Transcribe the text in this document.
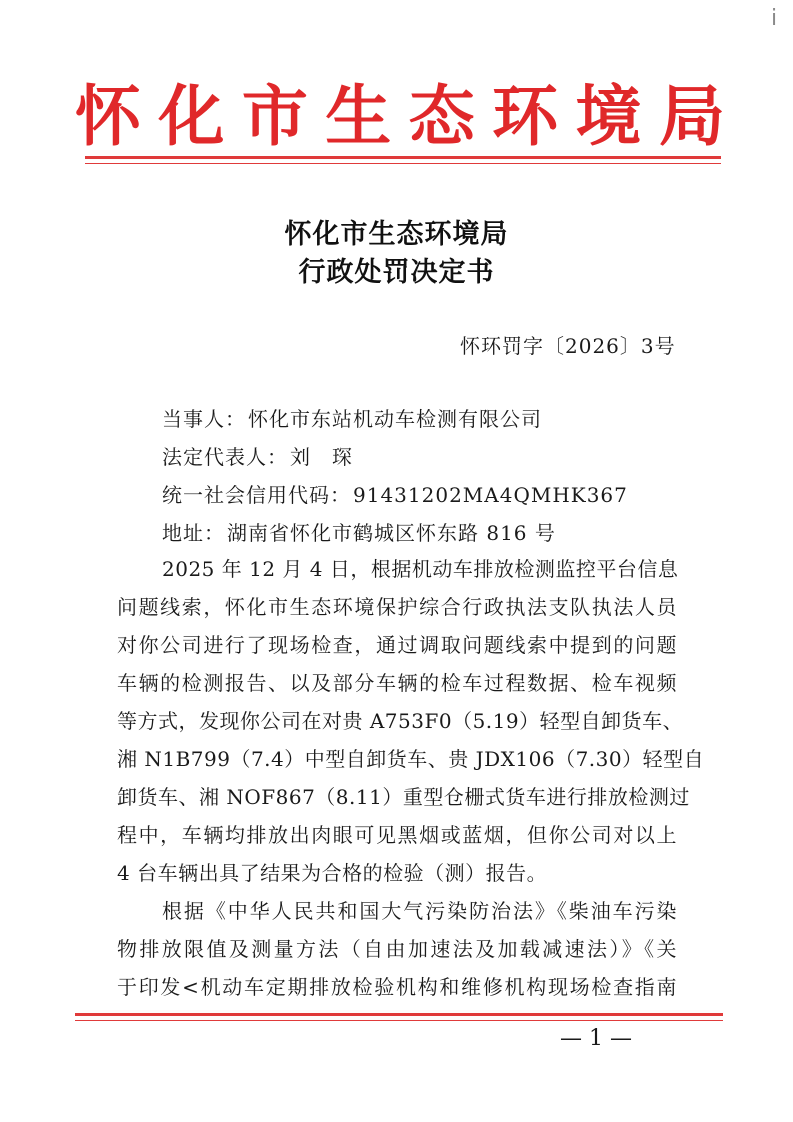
i
怀 化 市 生 态 环 境 局
怀化市生态环境局
行政处罚决定书
怀环罚字〔2026〕3号
当事人： 怀化市东站机动车检测有限公司
法定代表人： 刘　琛
统一社会信用代码： 91431202MA4QMHK367
地址： 湖南省怀化市鹤城区怀东路 816 号
2025 年 12 月 4 日，根据机动车排放检测监控平台信息
问题线索，怀化市生态环境保护综合行政执法支队执法人员
对你公司进行了现场检查，通过调取问题线索中提到的问题
车辆的检测报告、以及部分车辆的检车过程数据、检车视频
等方式，发现你公司在对贵 A753F0（5.19）轻型自卸货车、
湘 N1B799（7.4）中型自卸货车、贵 JDX106（7.30）轻型自
卸货车、湘 NOF867（8.11）重型仓栅式货车进行排放检测过
程中，车辆均排放出肉眼可见黑烟或蓝烟，但你公司对以上
4 台车辆出具了结果为合格的检验（测）报告。
根据《中华人民共和国大气污染防治法》《柴油车污染
物排放限值及测量方法（自由加速法及加载减速法）》《关
于印发<机动车定期排放检验机构和维修机构现场检查指南
— 1 —
